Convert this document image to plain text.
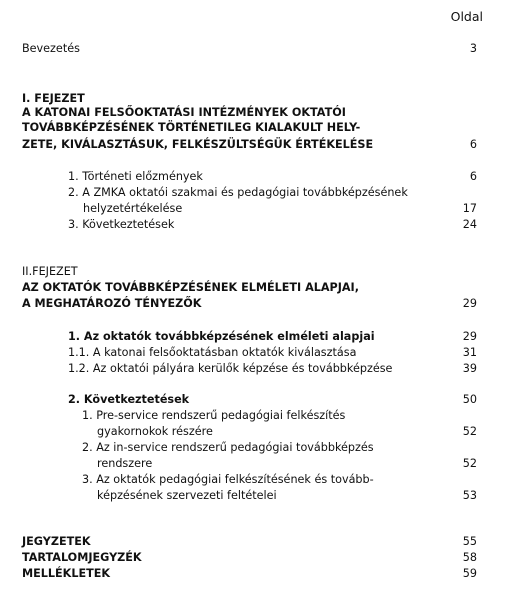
Oldal
Bevezetés	3
I. FEJEZET
A KATONAI FELSŐOKTATÁSI INTÉZMÉNYEK OKTATÓI
TOVÁBBKÉPZÉSÉNEK TÖRTÉNETILEG KIALAKULT HELY-
ZETE, KIVÁLASZTÁSUK, FELKÉSZÜLTSÉGÜK ÉRTÉKELÉSE	6
1. Történeti előzmények	6
2. A ZMKA oktatói szakmai és pedagógiai továbbképzésének
helyzetértékelése	17
3. Következtetések	24
II.FEJEZET
AZ OKTATÓK TOVÁBBKÉPZÉSÉNEK ELMÉLETI ALAPJAI,
A MEGHATÁROZÓ TÉNYEZŐK	29
1. Az oktatók továbbképzésének elméleti alapjai	29
1.1. A katonai felsőoktatásban oktatók kiválasztása	31
1.2. Az oktatói pályára kerülők képzése és továbbképzése	39
2. Következtetések	50
1. Pre-service rendszerű pedagógiai felkészítés
gyakornokok részére	52
2. Az in-service rendszerű pedagógiai továbbképzés
rendszere	52
3. Az oktatók pedagógiai felkészítésének és tovább-
képzésének szervezeti feltételei	53
JEGYZETEK	55
TARTALOMJEGYZÉK	58
MELLÉKLETEK	59
